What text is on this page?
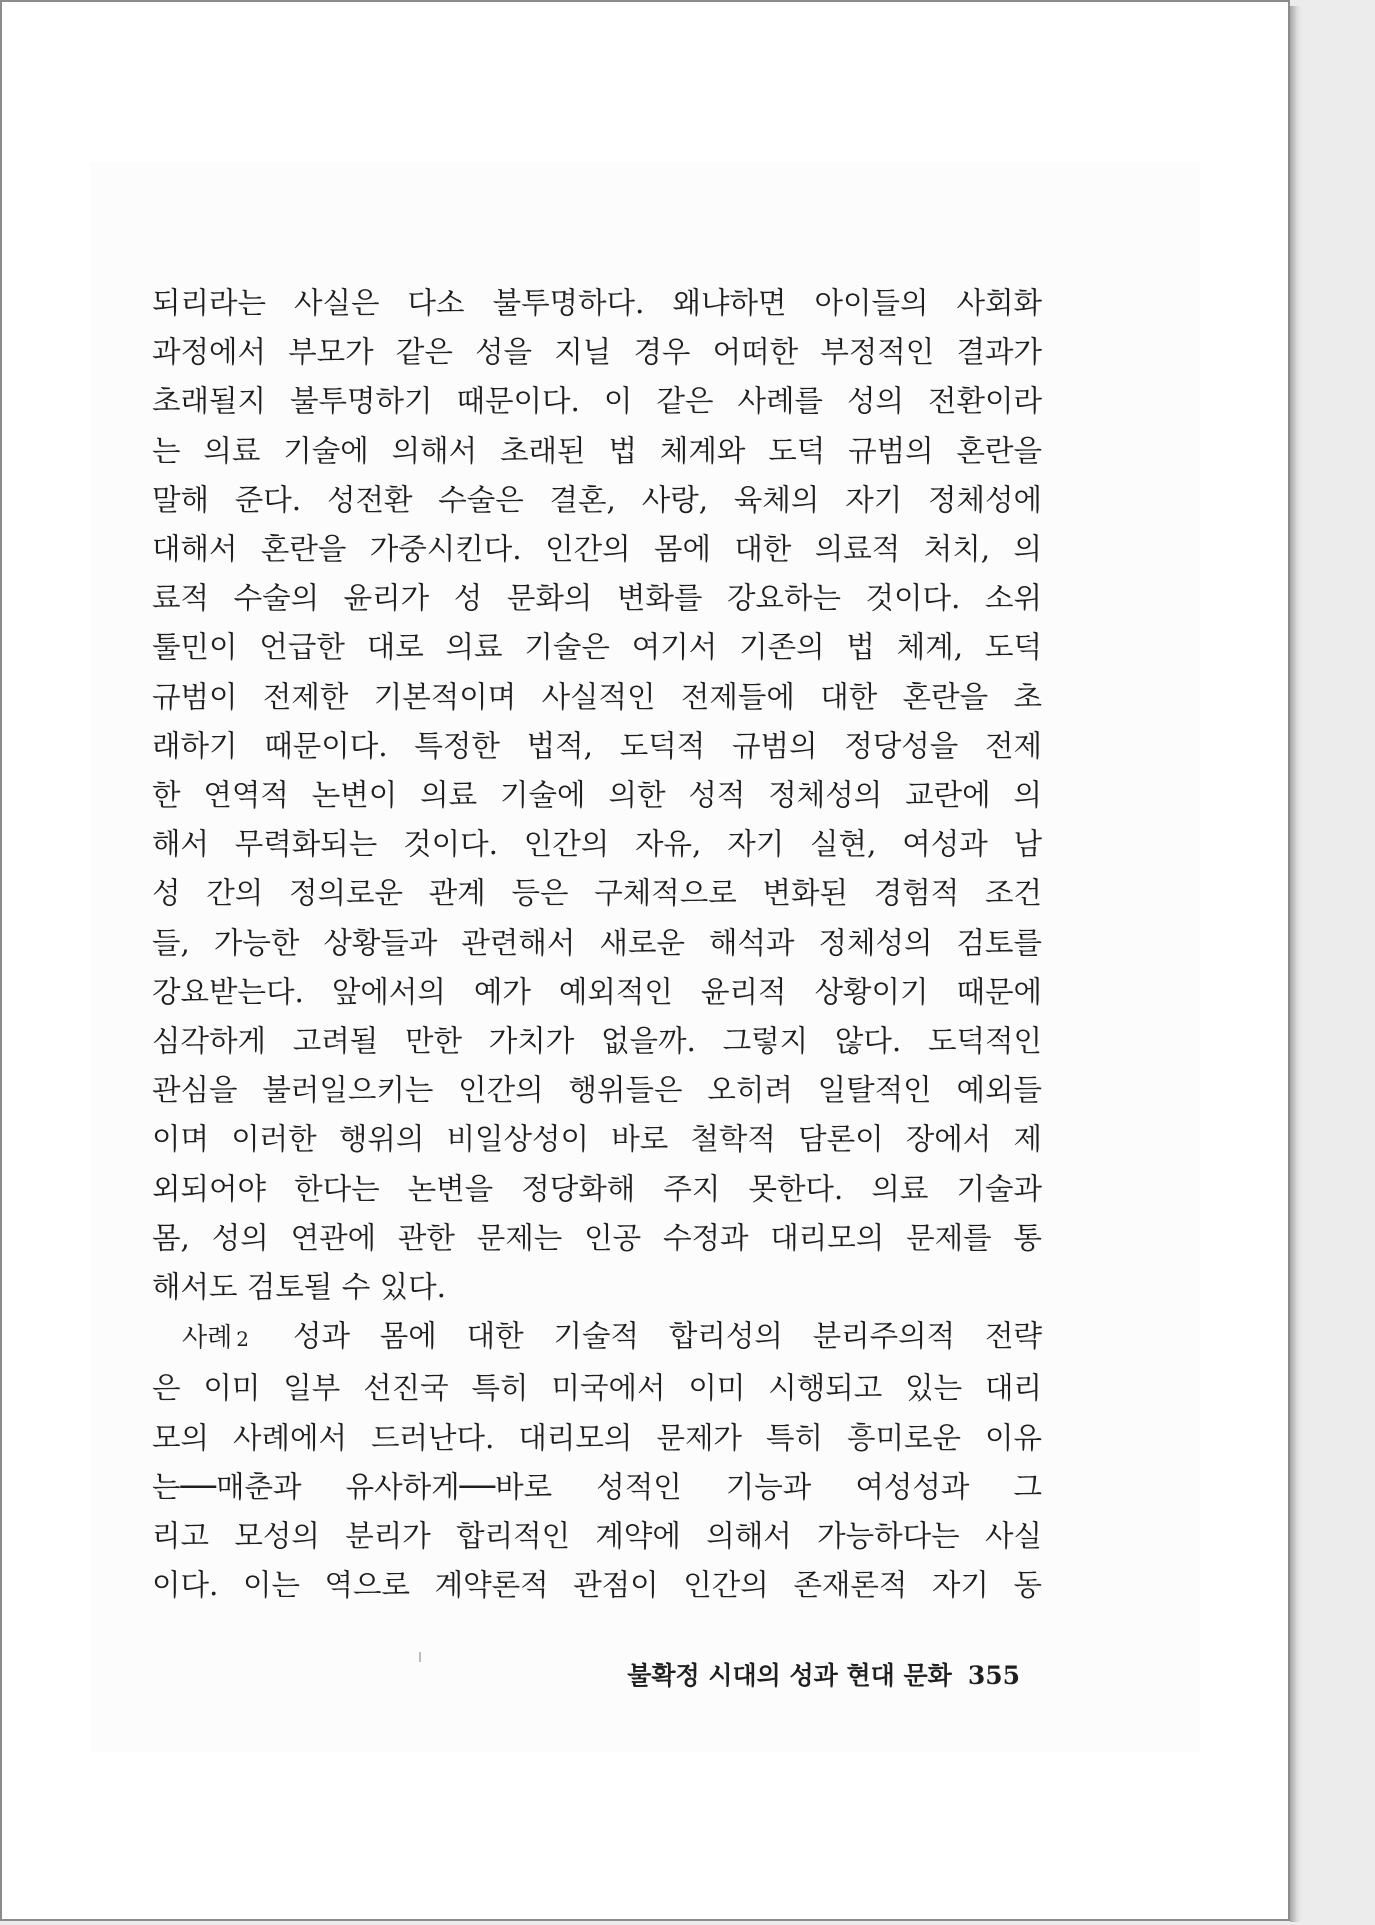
되리라는 사실은 다소 불투명하다. 왜냐하면 아이들의 사회화
과정에서 부모가 같은 성을 지닐 경우 어떠한 부정적인 결과가
초래될지 불투명하기 때문이다. 이 같은 사례를 성의 전환이라
는 의료 기술에 의해서 초래된 법 체계와 도덕 규범의 혼란을
말해 준다. 성전환 수술은 결혼, 사랑, 육체의 자기 정체성에
대해서 혼란을 가중시킨다. 인간의 몸에 대한 의료적 처치, 의
료적 수술의 윤리가 성 문화의 변화를 강요하는 것이다. 소위
툴민이 언급한 대로 의료 기술은 여기서 기존의 법 체계, 도덕
규범이 전제한 기본적이며 사실적인 전제들에 대한 혼란을 초
래하기 때문이다. 특정한 법적, 도덕적 규범의 정당성을 전제
한 연역적 논변이 의료 기술에 의한 성적 정체성의 교란에 의
해서 무력화되는 것이다. 인간의 자유, 자기 실현, 여성과 남
성 간의 정의로운 관계 등은 구체적으로 변화된 경험적 조건
들, 가능한 상황들과 관련해서 새로운 해석과 정체성의 검토를
강요받는다. 앞에서의 예가 예외적인 윤리적 상황이기 때문에
심각하게 고려될 만한 가치가 없을까. 그렇지 않다. 도덕적인
관심을 불러일으키는 인간의 행위들은 오히려 일탈적인 예외들
이며 이러한 행위의 비일상성이 바로 철학적 담론이 장에서 제
외되어야 한다는 논변을 정당화해 주지 못한다. 의료 기술과
몸, 성의 연관에 관한 문제는 인공 수정과 대리모의 문제를 통
해서도 검토될 수 있다.
사례 2 성과 몸에 대한 기술적 합리성의 분리주의적 전략
은 이미 일부 선진국 특히 미국에서 이미 시행되고 있는 대리
모의 사례에서 드러난다. 대리모의 문제가 특히 흥미로운 이유
는──매춘과 유사하게──바로 성적인 기능과 여성성과 그
리고 모성의 분리가 합리적인 계약에 의해서 가능하다는 사실
이다. 이는 역으로 계약론적 관점이 인간의 존재론적 자기 동
불확정 시대의 성과 현대 문화 355
